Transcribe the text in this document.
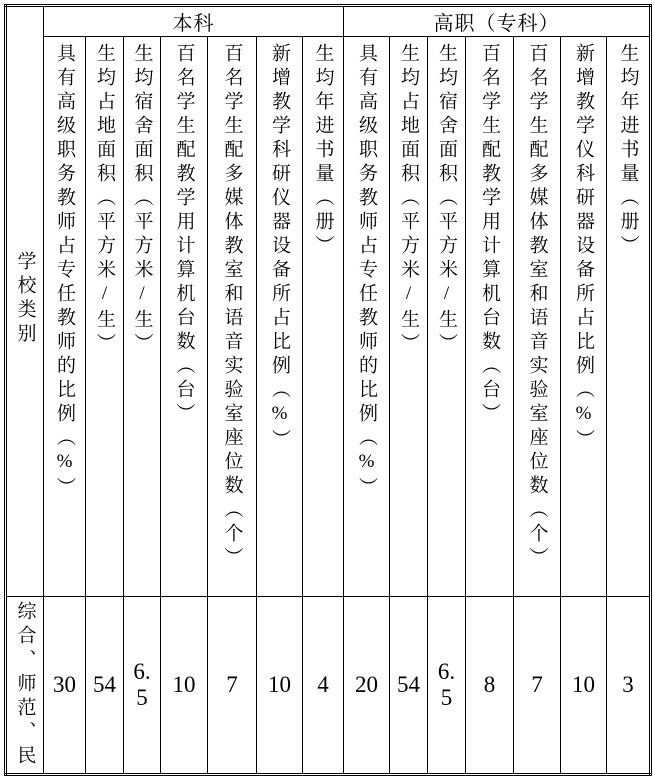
学校类别	本科							高职（专科）						
	具有高级职务教师占专任教师的比例（%）	生均占地面积（平方米/生）	生均宿舍面积（平方米/生）	百名学生配教学用计算机台数（台）	百名学生配多媒体教室和语音实验室座位数（个）	新增教学科研仪器设备所占比例（%）	生均年进书量（册）	具有高级职务教师占专任教师的比例（%）	生均占地面积（平方米/生）	生均宿舍面积（平方米/生）	百名学生配教学用计算机台数（台）	百名学生配多媒体教室和语音实验室座位数（个）	新增教学仪科研器设备所占比例（%）	生均年进书量（册）

综合、师范、民	30	54	6.5	10	7	10	4	20	54	6.5	8	7	10	3
